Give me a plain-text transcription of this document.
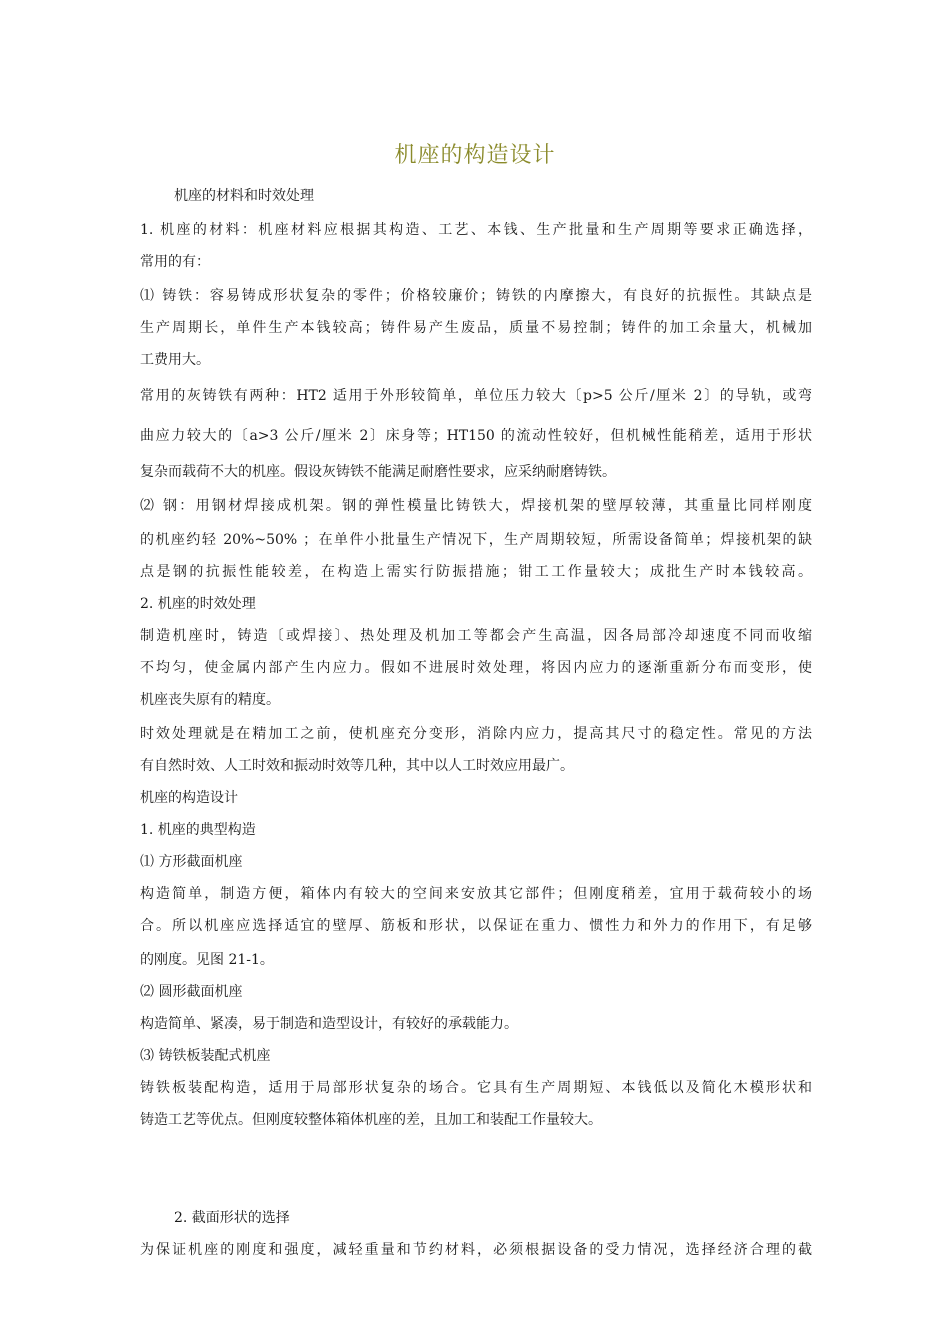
机座的构造设计
机座的材料和时效处理
1. 机座的材料：机座材料应根据其构造、工艺、本钱、生产批量和生产周期等要求正确选择，
常用的有：
⑴ 铸铁：容易铸成形状复杂的零件；价格较廉价；铸铁的内摩擦大，有良好的抗振性。其缺点是
生产周期长，单件生产本钱较高；铸件易产生废品，质量不易控制；铸件的加工余量大，机械加
工费用大。
常用的灰铸铁有两种：HT2 适用于外形较简单，单位压力较大〔p>5 公斤/厘米 2〕的导轨，或弯
曲应力较大的〔a>3 公斤/厘米 2〕床身等；HT150 的流动性较好，但机械性能稍差，适用于形状
复杂而载荷不大的机座。假设灰铸铁不能满足耐磨性要求，应采纳耐磨铸铁。
⑵ 钢：用钢材焊接成机架。钢的弹性模量比铸铁大，焊接机架的壁厚较薄，其重量比同样刚度
的机座约轻 20%~50% ；在单件小批量生产情况下，生产周期较短，所需设备简单；焊接机架的缺
点是钢的抗振性能较差，在构造上需实行防振措施；钳工工作量较大；成批生产时本钱较高。
2. 机座的时效处理
制造机座时，铸造〔或焊接〕、热处理及机加工等都会产生高温，因各局部冷却速度不同而收缩
不均匀，使金属内部产生内应力。假如不进展时效处理，将因内应力的逐渐重新分布而变形，使
机座丧失原有的精度。
时效处理就是在精加工之前，使机座充分变形，消除内应力，提高其尺寸的稳定性。常见的方法
有自然时效、人工时效和振动时效等几种，其中以人工时效应用最广。
机座的构造设计
1. 机座的典型构造
⑴ 方形截面机座
构造简单，制造方便，箱体内有较大的空间来安放其它部件；但刚度稍差，宜用于载荷较小的场
合。所以机座应选择适宜的壁厚、筋板和形状，以保证在重力、惯性力和外力的作用下，有足够
的刚度。见图 21-1。
⑵ 圆形截面机座
构造简单、紧凑，易于制造和造型设计，有较好的承载能力。
⑶ 铸铁板装配式机座
铸铁板装配构造，适用于局部形状复杂的场合。它具有生产周期短、本钱低以及简化木模形状和
铸造工艺等优点。但刚度较整体箱体机座的差，且加工和装配工作量较大。
2. 截面形状的选择
为保证机座的刚度和强度，减轻重量和节约材料，必须根据设备的受力情况，选择经济合理的截
